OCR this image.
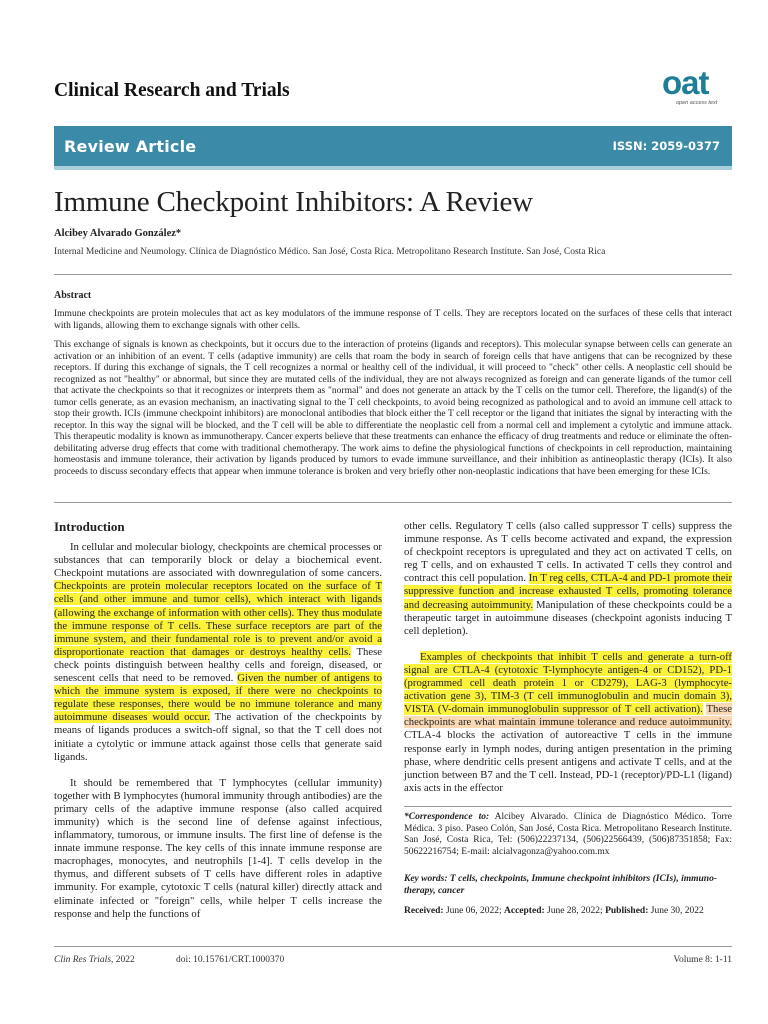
Clinical Research and Trials	oat
open access text
Review Article	ISSN: 2059-0377
Immune Checkpoint Inhibitors: A Review
Alcibey Alvarado González*
Internal Medicine and Neumology. Clínica de Diagnóstico Médico. San José, Costa Rica. Metropolitano Research Institute. San José, Costa Rica
Abstract

Immune checkpoints are protein molecules that act as key modulators of the immune response of T cells. They are receptors located on the surfaces of these cells that interact with ligands, allowing them to exchange signals with other cells.

This exchange of signals is known as checkpoints, but it occurs due to the interaction of proteins (ligands and receptors). This molecular synapse between cells can generate an activation or an inhibition of an event. T cells (adaptive immunity) are cells that roam the body in search of foreign cells that have antigens that can be recognized by these receptors. If during this exchange of signals, the T cell recognizes a normal or healthy cell of the individual, it will proceed to "check" other cells. A neoplastic cell should be recognized as not "healthy" or abnormal, but since they are mutated cells of the individual, they are not always recognized as foreign and can generate ligands of the tumor cell that activate the checkpoints so that it recognizes or interprets them as "normal" and does not generate an attack by the T cells on the tumor cell. Therefore, the ligand(s) of the tumor cells generate, as an evasion mechanism, an inactivating signal to the T cell checkpoints, to avoid being recognized as pathological and to avoid an immune cell attack to stop their growth. ICIs (immune checkpoint inhibitors) are monoclonal antibodies that block either the T cell receptor or the ligand that initiates the signal by interacting with the receptor. In this way the signal will be blocked, and the T cell will be able to differentiate the neoplastic cell from a normal cell and implement a cytolytic and immune attack. This therapeutic modality is known as immunotherapy. Cancer experts believe that these treatments can enhance the efficacy of drug treatments and reduce or eliminate the often-debilitating adverse drug effects that come with traditional chemotherapy. The work aims to define the physiological functions of checkpoints in cell reproduction, maintaining homeostasis and immune tolerance, their activation by ligands produced by tumors to evade immune surveillance, and their inhibition as antineoplastic therapy (ICIs). It also proceeds to discuss secondary effects that appear when immune tolerance is broken and very briefly other non-neoplastic indications that have been emerging for these ICIs.

Introduction

In cellular and molecular biology, checkpoints are chemical processes or substances that can temporarily block or delay a biochemical event. Checkpoint mutations are associated with downregulation of some cancers. Checkpoints are protein molecular receptors located on the surface of T cells (and other immune and tumor cells), which interact with ligands (allowing the exchange of information with other cells). They thus modulate the immune response of T cells. These surface receptors are part of the immune system, and their fundamental role is to prevent and/or avoid a disproportionate reaction that damages or destroys healthy cells. These check points distinguish between healthy cells and foreign, diseased, or senescent cells that need to be removed. Given the number of antigens to which the immune system is exposed, if there were no checkpoints to regulate these responses, there would be no immune tolerance and many autoimmune diseases would occur. The activation of the checkpoints by means of ligands produces a switch-off signal, so that the T cell does not initiate a cytolytic or immune attack against those cells that generate said ligands.

It should be remembered that T lymphocytes (cellular immunity) together with B lymphocytes (humoral immunity through antibodies) are the primary cells of the adaptive immune response (also called acquired immunity) which is the second line of defense against infectious, inflammatory, tumorous, or immune insults. The first line of defense is the innate immune response. The key cells of this innate immune response are macrophages, monocytes, and neutrophils [1-4]. T cells develop in the thymus, and different subsets of T cells have different roles in adaptive immunity. For example, cytotoxic T cells (natural killer) directly attack and eliminate infected or "foreign" cells, while helper T cells increase the response and help the functions of

other cells. Regulatory T cells (also called suppressor T cells) suppress the immune response. As T cells become activated and expand, the expression of checkpoint receptors is upregulated and they act on activated T cells, on reg T cells, and on exhausted T cells. In activated T cells they control and contract this cell population. In T reg cells, CTLA-4 and PD-1 promote their suppressive function and increase exhausted T cells, promoting tolerance and decreasing autoimmunity. Manipulation of these checkpoints could be a therapeutic target in autoimmune diseases (checkpoint agonists inducing T cell depletion).

Examples of checkpoints that inhibit T cells and generate a turn-off signal are CTLA-4 (cytotoxic T-lymphocyte antigen-4 or CD152), PD-1 (programmed cell death protein 1 or CD279), LAG-3 (lymphocyte-activation gene 3), TIM-3 (T cell immunoglobulin and mucin domain 3), VISTA (V-domain immunoglobulin suppressor of T cell activation). These checkpoints are what maintain immune tolerance and reduce autoimmunity. CTLA-4 blocks the activation of autoreactive T cells in the immune response early in lymph nodes, during antigen presentation in the priming phase, where dendritic cells present antigens and activate T cells, and at the junction between B7 and the T cell. Instead, PD-1 (receptor)/PD-L1 (ligand) axis acts in the effector

*Correspondence to: Alcibey Alvarado. Clínica de Diagnóstico Médico. Torre Médica. 3 piso. Paseo Colón, San José, Costa Rica. Metropolitano Research Institute. San José, Costa Rica, Tel: (506)22237134, (506)22566439, (506)87351858; Fax: 50622216754; E-mail: alcialvagonza@yahoo.com.mx
Key words: T cells, checkpoints, Immune checkpoint inhibitors (ICIs), immuno-therapy, cancer
Received: June 06, 2022; Accepted: June 28, 2022; Published: June 30, 2022
Clin Res Trials, 2022	doi: 10.15761/CRT.1000370	Volume 8: 1-11
